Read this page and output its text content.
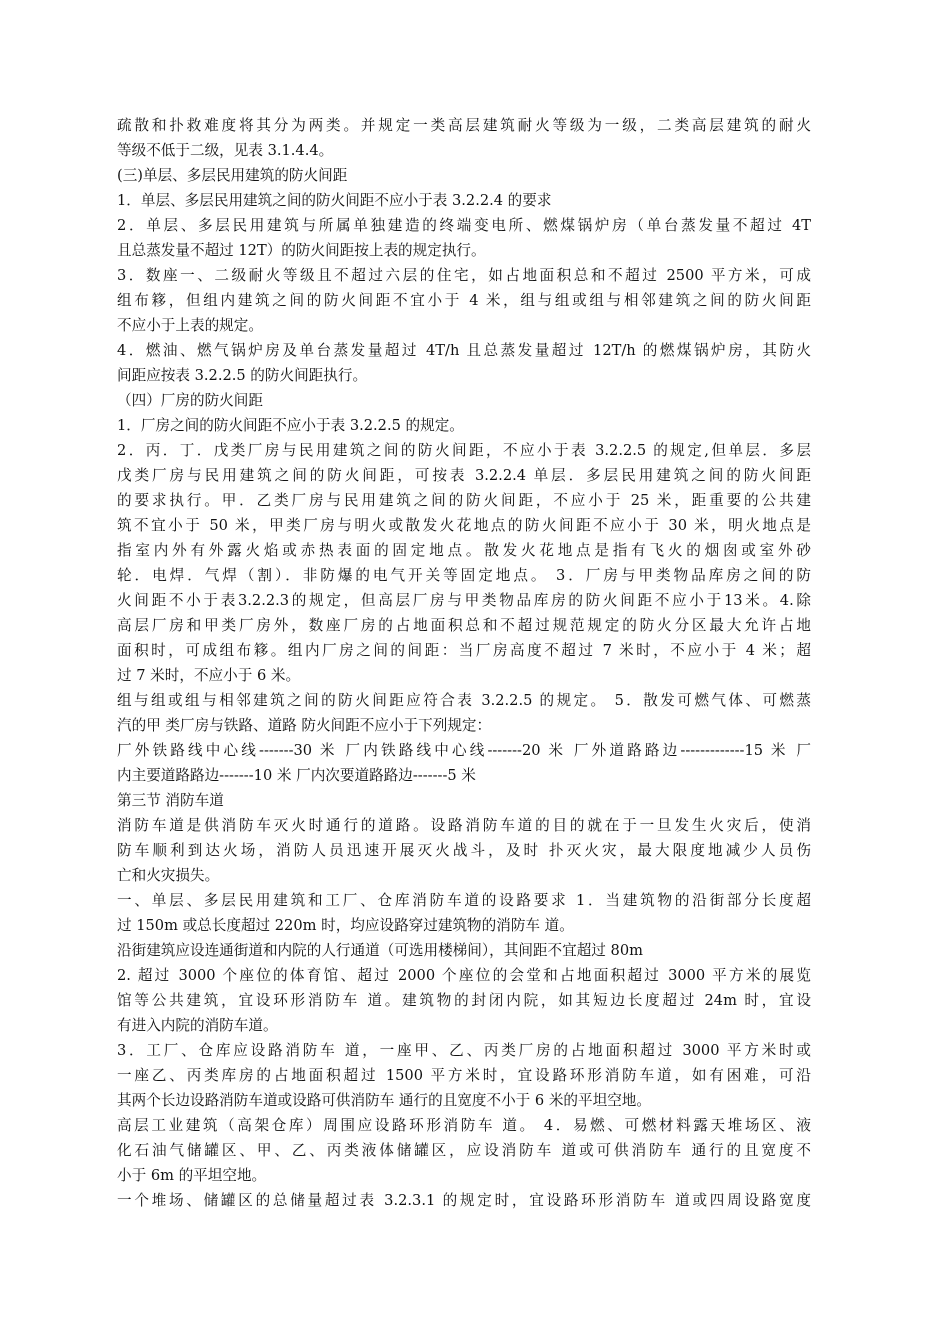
疏散和扑救难度将其分为两类。并规定一类高层建筑耐火等级为一级，二类高层建筑的耐火
等级不低于二级，见表 3.1.4.4。
(三)单层、多层民用建筑的防火间距
1．单层、多层民用建筑之间的防火间距不应小于表 3.2.2.4 的要求
2．单层、多层民用建筑与所属单独建造的终端变电所、燃煤锅炉房（单台蒸发量不超过 4T
且总蒸发量不超过 12T）的防火间距按上表的规定执行。
3．数座一、二级耐火等级且不超过六层的住宅，如占地面积总和不超过 2500 平方米，可成
组布簃，但组内建筑之间的防火间距不宜小于 4 米，组与组或组与相邻建筑之间的防火间距
不应小于上表的规定。
4．燃油、燃气锅炉房及单台蒸发量超过 4T/h 且总蒸发量超过 12T/h 的燃煤锅炉房，其防火
间距应按表 3.2.2.5 的防火间距执行。
（四）厂房的防火间距
1．厂房之间的防火间距不应小于表 3.2.2.5 的规定。
2．丙．丁．戊类厂房与民用建筑之间的防火间距，不应小于表 3.2.2.5 的规定,但单层．多层
戊类厂房与民用建筑之间的防火间距，可按表 3.2.2.4 单层．多层民用建筑之间的防火间距
的要求执行。甲．乙类厂房与民用建筑之间的防火间距，不应小于 25 米，距重要的公共建
筑不宜小于 50 米，甲类厂房与明火或散发火花地点的防火间距不应小于 30 米，明火地点是
指室内外有外露火焰或赤热表面的固定地点。散发火花地点是指有飞火的烟囱或室外砂
轮．电焊．气焊（割）．非防爆的电气开关等固定地点。 3．厂房与甲类物品库房之间的防
火间距不小于表3.2.2.3的规定，但高层厂房与甲类物品库房的防火间距不应小于13米。4.除
高层厂房和甲类厂房外，数座厂房的占地面积总和不超过规范规定的防火分区最大允许占地
面积时，可成组布簃。组内厂房之间的间距：当厂房高度不超过 7 米时，不应小于 4 米；超
过 7 米时，不应小于 6 米。
组与组或组与相邻建筑之间的防火间距应符合表 3.2.2.5 的规定。 5．散发可燃气体、可燃蒸
汽的甲 类厂房与铁路、道路 防火间距不应小于下列规定：
厂外铁路线中心线-------30 米 厂内铁路线中心线-------20 米 厂外道路路边-------------15 米 厂
内主要道路路边-------10 米 厂内次要道路路边-------5 米
第三节 消防车道
消防车道是供消防车灭火时通行的道路。设路消防车道的目的就在于一旦发生火灾后，使消
防车顺利到达火场，消防人员迅速开展灭火战斗，及时 扑灭火灾，最大限度地减少人员伤
亡和火灾损失。
一、单层、多层民用建筑和工厂、仓库消防车道的设路要求 1．当建筑物的沿街部分长度超
过 150m 或总长度超过 220m 时，均应设路穿过建筑物的消防车 道。
沿街建筑应设连通街道和内院的人行通道（可选用楼梯间），其间距不宜超过 80m
2. 超过 3000 个座位的体育馆、超过 2000 个座位的会堂和占地面积超过 3000 平方米的展览
馆等公共建筑，宜设环形消防车 道。建筑物的封闭内院，如其短边长度超过 24m 时，宜设
有进入内院的消防车道。
3．工厂、仓库应设路消防车 道，一座甲、乙、丙类厂房的占地面积超过 3000 平方米时或
一座乙、丙类库房的占地面积超过 1500 平方米时，宜设路环形消防车道，如有困难，可沿
其两个长边设路消防车道或设路可供消防车 通行的且宽度不小于 6 米的平坦空地。
高层工业建筑（高架仓库）周围应设路环形消防车 道。 4．易燃、可燃材料露天堆场区、液
化石油气储罐区、甲、乙、丙类液体储罐区，应设消防车 道或可供消防车 通行的且宽度不
小于 6m 的平坦空地。
一个堆场、储罐区的总储量超过表 3.2.3.1 的规定时，宜设路环形消防车 道或四周设路宽度
